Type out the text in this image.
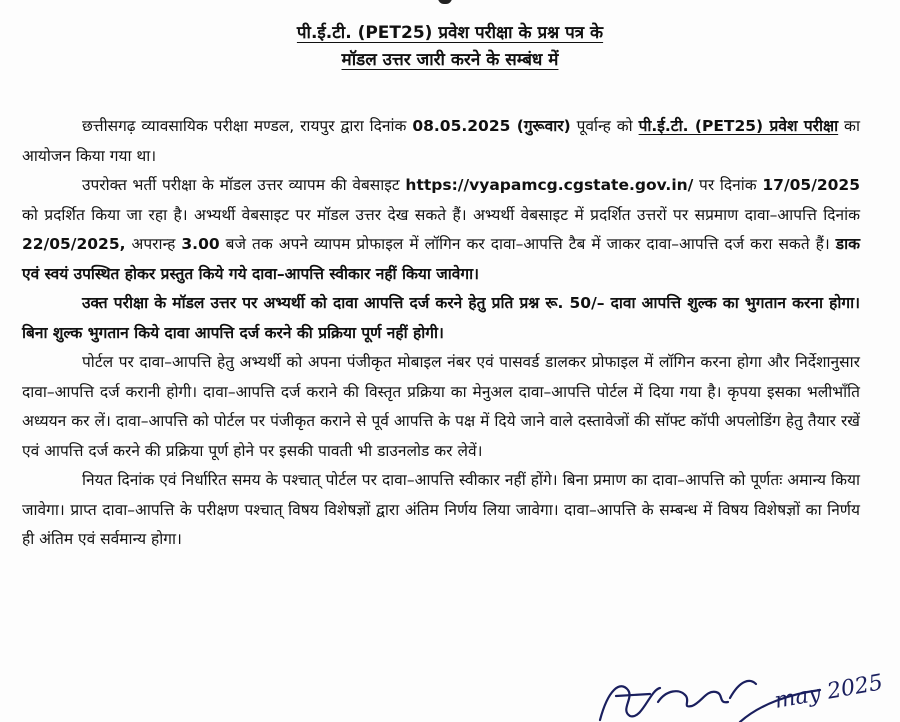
पी.ई.टी. (PET25) प्रवेश परीक्षा के प्रश्न पत्र के
मॉडल उत्तर जारी करने के सम्बंध में

छत्तीसगढ़ व्यावसायिक परीक्षा मण्डल, रायपुर द्वारा दिनांक 08.05.2025 (गुरूवार) पूर्वान्ह को पी.ई.टी. (PET25) प्रवेश परीक्षा का आयोजन किया गया था।

उपरोक्त भर्ती परीक्षा के मॉडल उत्तर व्यापम की वेबसाइट https://vyapamcg.cgstate.gov.in/ पर दिनांक 17/05/2025 को प्रदर्शित किया जा रहा है। अभ्यर्थी वेबसाइट पर मॉडल उत्तर देख सकते हैं। अभ्यर्थी वेबसाइट में प्रदर्शित उत्तरों पर सप्रमाण दावा–आपत्ति दिनांक 22/05/2025, अपरान्ह 3.00 बजे तक अपने व्यापम प्रोफाइल में लॉगिन कर दावा–आपत्ति टैब में जाकर दावा–आपत्ति दर्ज करा सकते हैं। डाक एवं स्वयं उपस्थित होकर प्रस्तुत किये गये दावा–आपत्ति स्वीकार नहीं किया जावेगा।

उक्त परीक्षा के मॉडल उत्तर पर अभ्यर्थी को दावा आपत्ति दर्ज करने हेतु प्रति प्रश्न रू. 50/– दावा आपत्ति शुल्क का भुगतान करना होगा। बिना शुल्क भुगतान किये दावा आपत्ति दर्ज करने की प्रक्रिया पूर्ण नहीं होगी।

पोर्टल पर दावा–आपत्ति हेतु अभ्यर्थी को अपना पंजीकृत मोबाइल नंबर एवं पासवर्ड डालकर प्रोफाइल में लॉगिन करना होगा और निर्देशानुसार दावा–आपत्ति दर्ज करानी होगी। दावा–आपत्ति दर्ज कराने की विस्तृत प्रक्रिया का मेनुअल दावा–आपत्ति पोर्टल में दिया गया है। कृपया इसका भलीभाँति अध्ययन कर लें। दावा–आपत्ति को पोर्टल पर पंजीकृत कराने से पूर्व आपत्ति के पक्ष में दिये जाने वाले दस्तावेजों की सॉफ्ट कॉपी अपलोडिंग हेतु तैयार रखें एवं आपत्ति दर्ज करने की प्रक्रिया पूर्ण होने पर इसकी पावती भी डाउनलोड कर लेवें।

नियत दिनांक एवं निर्धारित समय के पश्चात् पोर्टल पर दावा–आपत्ति स्वीकार नहीं होंगे। बिना प्रमाण का दावा–आपत्ति को पूर्णतः अमान्य किया जावेगा। प्राप्त दावा–आपत्ति के परीक्षण पश्चात् विषय विशेषज्ञों द्वारा अंतिम निर्णय लिया जावेगा। दावा–आपत्ति के सम्बन्ध में विषय विशेषज्ञों का निर्णय ही अंतिम एवं सर्वमान्य होगा।

may 2025
